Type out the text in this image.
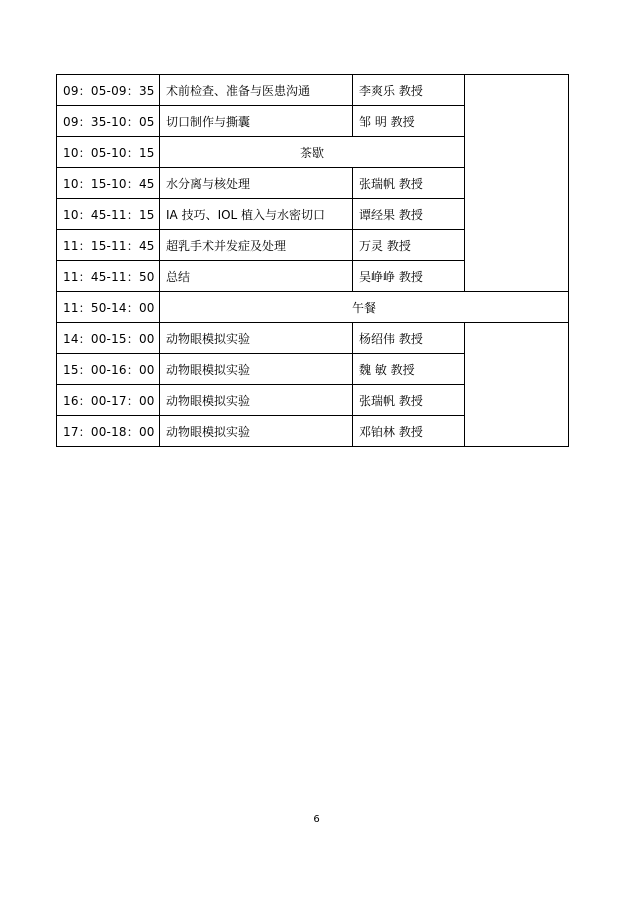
09：05-09：35	术前检查、准备与医患沟通	李爽乐 教授	
09：35-10：05	切口制作与撕囊	邹 明 教授	
10：05-10：15	茶歇		
10：15-10：45	水分离与核处理	张瑞帆 教授	
10：45-11：15	IA 技巧、IOL 植入与水密切口	谭经果 教授	
11：15-11：45	超乳手术并发症及处理	万灵 教授	
11：45-11：50	总结	吴峥峥 教授	
11：50-14：00	午餐		
14：00-15：00	动物眼模拟实验	杨绍伟 教授	
15：00-16：00	动物眼模拟实验	魏 敏 教授	
16：00-17：00	动物眼模拟实验	张瑞帆 教授	
17：00-18：00	动物眼模拟实验	邓铂林 教授	
6
